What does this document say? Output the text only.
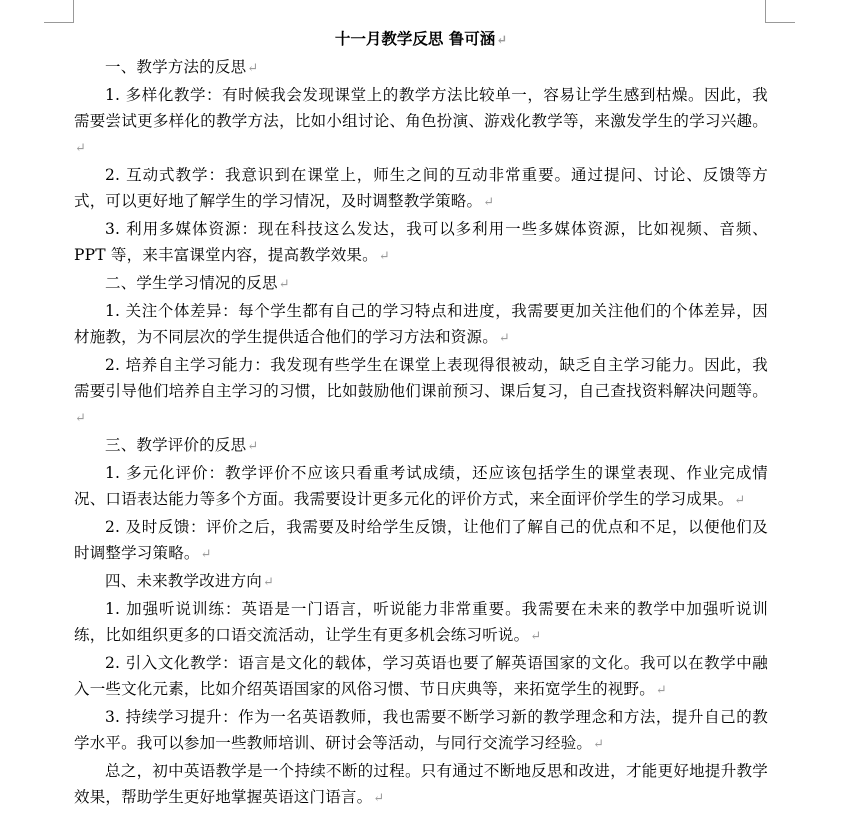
十一月教学反思 鲁可涵↵

一、教学方法的反思↵

1. 多样化教学：有时候我会发现课堂上的教学方法比较单一，容易让学生感到枯燥。因此，我需要尝试更多样化的教学方法，比如小组讨论、角色扮演、游戏化教学等，来激发学生的学习兴趣。↵

2. 互动式教学：我意识到在课堂上，师生之间的互动非常重要。通过提问、讨论、反馈等方式，可以更好地了解学生的学习情况，及时调整教学策略。↵

3. 利用多媒体资源：现在科技这么发达，我可以多利用一些多媒体资源，比如视频、音频、PPT 等，来丰富课堂内容，提高教学效果。↵

二、学生学习情况的反思↵

1. 关注个体差异：每个学生都有自己的学习特点和进度，我需要更加关注他们的个体差异，因材施教，为不同层次的学生提供适合他们的学习方法和资源。↵

2. 培养自主学习能力：我发现有些学生在课堂上表现得很被动，缺乏自主学习能力。因此，我需要引导他们培养自主学习的习惯，比如鼓励他们课前预习、课后复习，自己查找资料解决问题等。↵

三、教学评价的反思↵

1. 多元化评价：教学评价不应该只看重考试成绩，还应该包括学生的课堂表现、作业完成情况、口语表达能力等多个方面。我需要设计更多元化的评价方式，来全面评价学生的学习成果。↵

2. 及时反馈：评价之后，我需要及时给学生反馈，让他们了解自己的优点和不足，以便他们及时调整学习策略。↵

四、未来教学改进方向↵

1. 加强听说训练：英语是一门语言，听说能力非常重要。我需要在未来的教学中加强听说训练，比如组织更多的口语交流活动，让学生有更多机会练习听说。↵

2. 引入文化教学：语言是文化的载体，学习英语也要了解英语国家的文化。我可以在教学中融入一些文化元素，比如介绍英语国家的风俗习惯、节日庆典等，来拓宽学生的视野。↵

3. 持续学习提升：作为一名英语教师，我也需要不断学习新的教学理念和方法，提升自己的教学水平。我可以参加一些教师培训、研讨会等活动，与同行交流学习经验。↵

总之，初中英语教学是一个持续不断的过程。只有通过不断地反思和改进，才能更好地提升教学效果，帮助学生更好地掌握英语这门语言。↵
